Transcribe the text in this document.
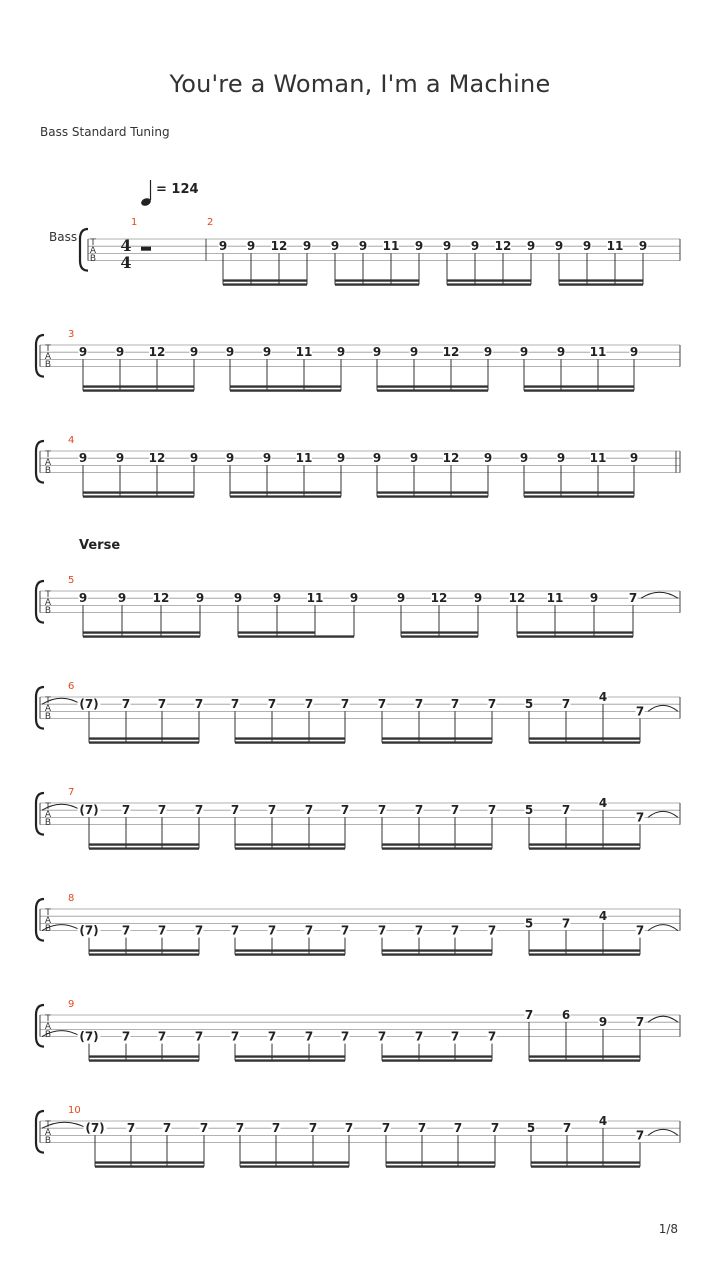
You're a Woman, I'm a Machine
Bass Standard Tuning
1/8
T
A
B
Bass
= 124
4
4
1	2
9 9 12 9 9 9 11 9 9 9 12 9 9 9 11 9
T
A
B
3
9 9 12 9 9 9 11 9 9 9 12 9 9 9 11 9
T
A
B
4
9 9 12 9 9 9 11 9 9 9 12 9 9 9 11 9
T
A
B
Verse
5
9	9 12 9 9	9 11 9	9 12 9 12 11 9	7
T
A
B
6
(7) 7 7 7 7 7 7 7 7 7 7 7 5 7
4
7
T
A
B
7
(7) 7 7 7 7 7 7 7 7 7 7 7 5 7
4
7
T
A
B
8
(7) 7 7 7 7 7 7 7 7 7 7 7
5 7
4
7
T
A
B
9
(7) 7 7 7 7 7 7 7 7 7 7 7
7 6
9 7
T
A
B
10
(7) 7 7 7 7 7 7 7 7 7 7 7 5 7
4
7
